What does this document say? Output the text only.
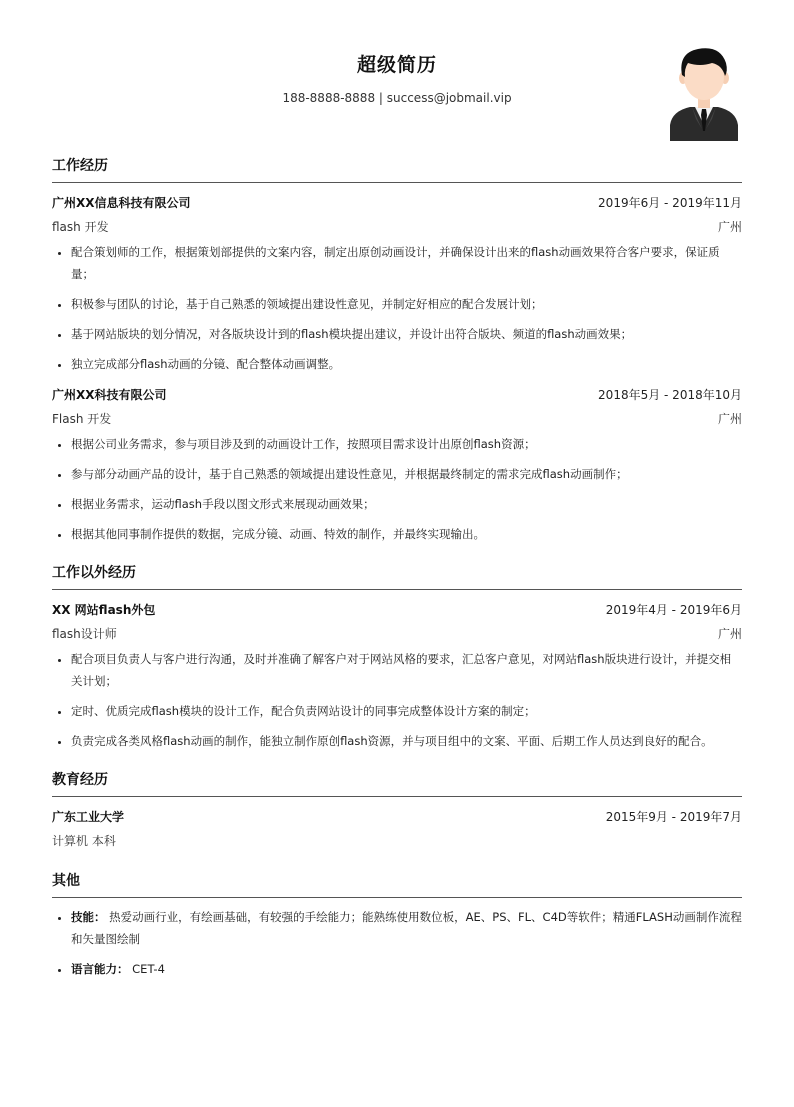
超级简历
188-8888-8888 | success@jobmail.vip
工作经历
广州XX信息科技有限公司	2019年6月 - 2019年11月
flash 开发	广州
• 配合策划师的工作，根据策划部提供的文案内容，制定出原创动画设计，并确保设计出来的flash动画效果符合客户要求，保证质量；
• 积极参与团队的讨论，基于自己熟悉的领域提出建设性意见，并制定好相应的配合发展计划；
• 基于网站版块的划分情况，对各版块设计到的flash模块提出建议，并设计出符合版块、频道的flash动画效果；
• 独立完成部分flash动画的分镜、配合整体动画调整。
广州XX科技有限公司	2018年5月 - 2018年10月
Flash 开发	广州
• 根据公司业务需求，参与项目涉及到的动画设计工作，按照项目需求设计出原创flash资源；
• 参与部分动画产品的设计，基于自己熟悉的领域提出建设性意见，并根据最终制定的需求完成flash动画制作；
• 根据业务需求，运动flash手段以图文形式来展现动画效果；
• 根据其他同事制作提供的数据，完成分镜、动画、特效的制作，并最终实现输出。
工作以外经历
XX 网站flash外包	2019年4月 - 2019年6月
flash设计师	广州
• 配合项目负责人与客户进行沟通，及时并准确了解客户对于网站风格的要求，汇总客户意见，对网站flash版块进行设计，并提交相关计划；
• 定时、优质完成flash模块的设计工作，配合负责网站设计的同事完成整体设计方案的制定；
• 负责完成各类风格flash动画的制作，能独立制作原创flash资源，并与项目组中的文案、平面、后期工作人员达到良好的配合。
教育经历
广东工业大学	2015年9月 - 2019年7月
计算机 本科
其他
• 技能： 热爱动画行业，有绘画基础，有较强的手绘能力；能熟练使用数位板，AE、PS、FL、C4D等软件；精通FLASH动画制作流程和矢量图绘制
• 语言能力： CET-4
